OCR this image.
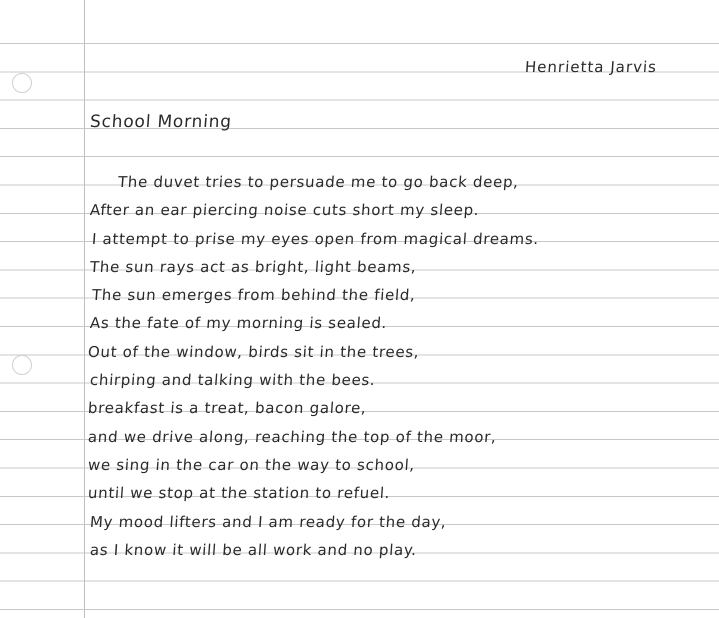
Henrietta Jarvis
School Morning
The duvet tries to persuade me to go back deep,
After an ear piercing noise cuts short my sleep.
I attempt to prise my eyes open from magical dreams.
The sun rays act as bright, light beams,
The sun emerges from behind the field,
As the fate of my morning is sealed.
Out of the window, birds sit in the trees,
chirping and talking with the bees.
breakfast is a treat, bacon galore,
and we drive along, reaching the top of the moor,
we sing in the car on the way to school,
until we stop at the station to refuel.
My mood lifters and I am ready for the day,
as I know it will be all work and no play.
